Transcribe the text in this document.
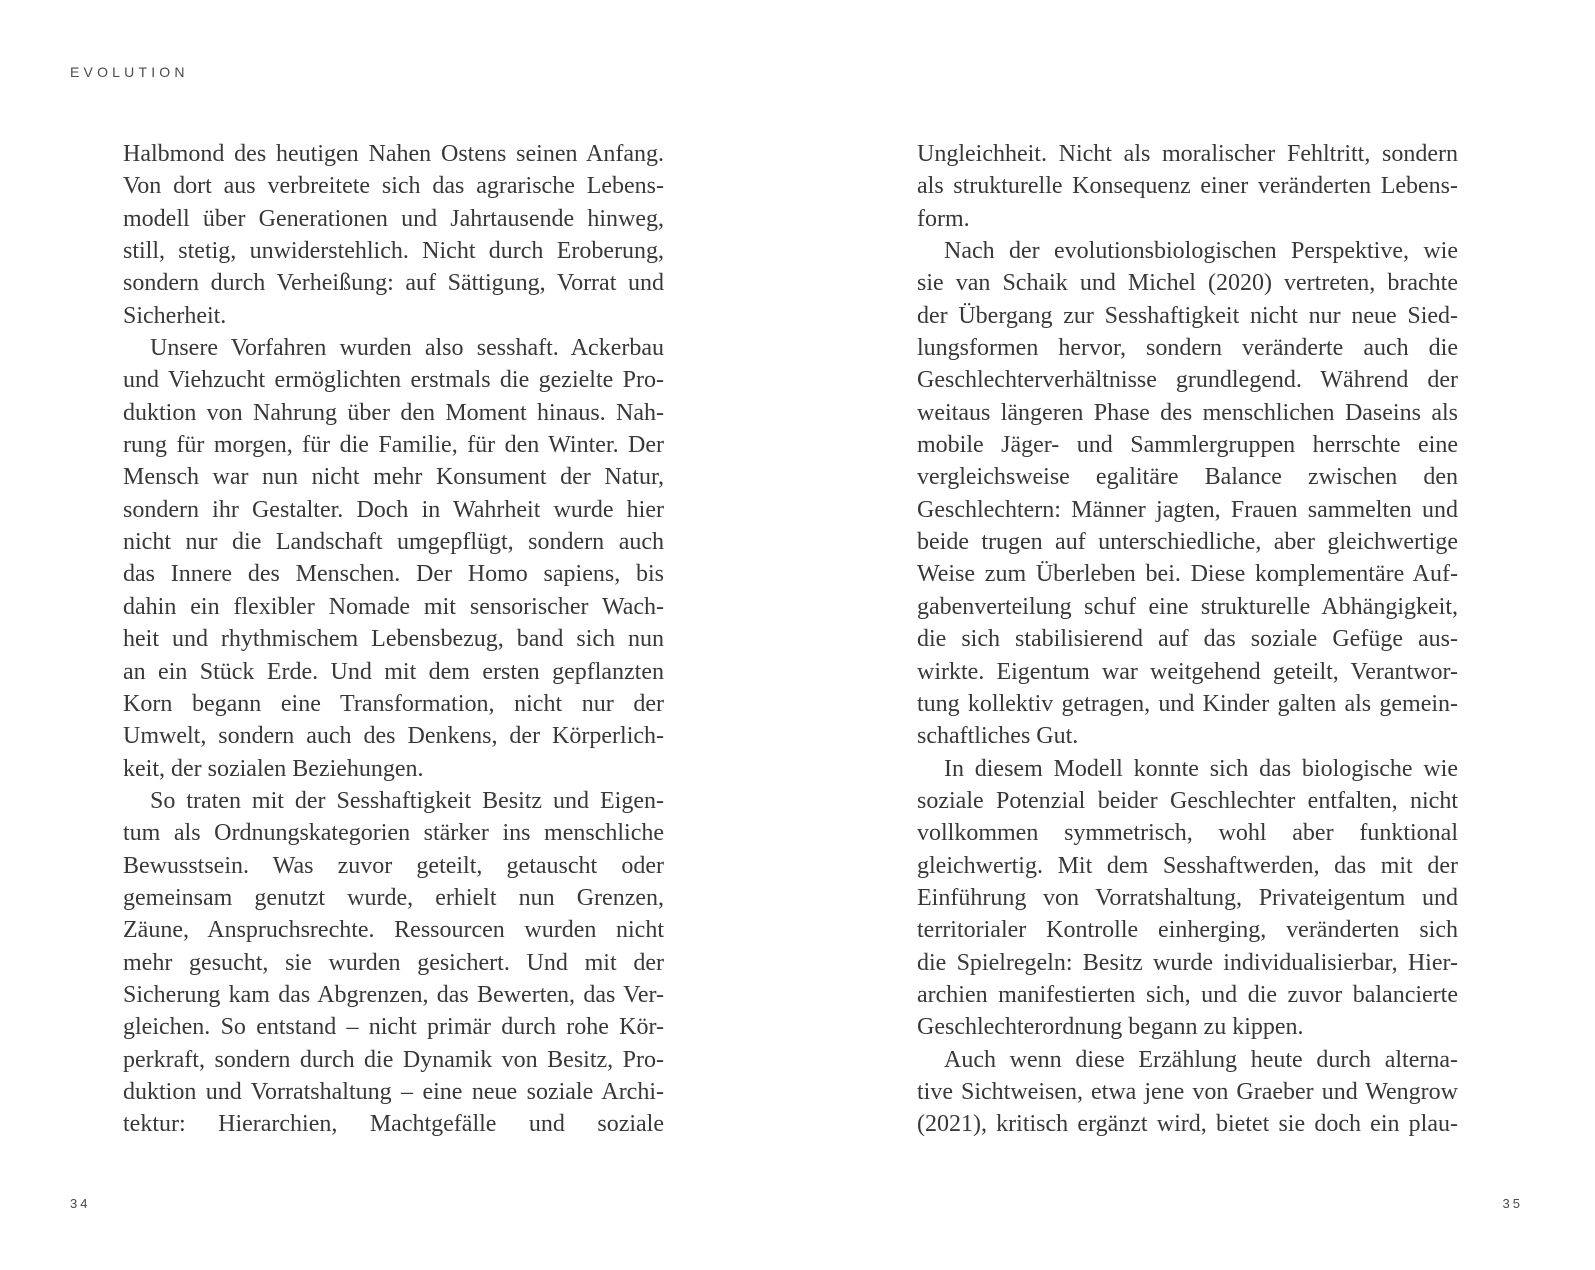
EVOLUTION
Halbmond des heutigen Nahen Ostens seinen Anfang.
Von dort aus verbreitete sich das agrarische Lebens-
modell über Generationen und Jahrtausende hinweg,
still, stetig, unwiderstehlich. Nicht durch Eroberung,
sondern durch Verheißung: auf Sättigung, Vorrat und
Sicherheit.
Unsere Vorfahren wurden also sesshaft. Ackerbau
und Viehzucht ermöglichten erstmals die gezielte Pro-
duktion von Nahrung über den Moment hinaus. Nah-
rung für morgen, für die Familie, für den Winter. Der
Mensch war nun nicht mehr Konsument der Natur,
sondern ihr Gestalter. Doch in Wahrheit wurde hier
nicht nur die Landschaft umgepflügt, sondern auch
das Innere des Menschen. Der Homo sapiens, bis
dahin ein flexibler Nomade mit sensorischer Wach-
heit und rhythmischem Lebensbezug, band sich nun
an ein Stück Erde. Und mit dem ersten gepflanzten
Korn begann eine Transformation, nicht nur der
Umwelt, sondern auch des Denkens, der Körperlich-
keit, der sozialen Beziehungen.
So traten mit der Sesshaftigkeit Besitz und Eigen-
tum als Ordnungskategorien stärker ins menschliche
Bewusstsein. Was zuvor geteilt, getauscht oder
gemeinsam genutzt wurde, erhielt nun Grenzen,
Zäune, Anspruchsrechte. Ressourcen wurden nicht
mehr gesucht, sie wurden gesichert. Und mit der
Sicherung kam das Abgrenzen, das Bewerten, das Ver-
gleichen. So entstand – nicht primär durch rohe Kör-
perkraft, sondern durch die Dynamik von Besitz, Pro-
duktion und Vorratshaltung – eine neue soziale Archi-
tektur: Hierarchien, Machtgefälle und soziale
Ungleichheit. Nicht als moralischer Fehltritt, sondern
als strukturelle Konsequenz einer veränderten Lebens-
form.
Nach der evolutionsbiologischen Perspektive, wie
sie van Schaik und Michel (2020) vertreten, brachte
der Übergang zur Sesshaftigkeit nicht nur neue Sied-
lungsformen hervor, sondern veränderte auch die
Geschlechterverhältnisse grundlegend. Während der
weitaus längeren Phase des menschlichen Daseins als
mobile Jäger- und Sammlergruppen herrschte eine
vergleichsweise egalitäre Balance zwischen den
Geschlechtern: Männer jagten, Frauen sammelten und
beide trugen auf unterschiedliche, aber gleichwertige
Weise zum Überleben bei. Diese komplementäre Auf-
gabenverteilung schuf eine strukturelle Abhängigkeit,
die sich stabilisierend auf das soziale Gefüge aus-
wirkte. Eigentum war weitgehend geteilt, Verantwor-
tung kollektiv getragen, und Kinder galten als gemein-
schaftliches Gut.
In diesem Modell konnte sich das biologische wie
soziale Potenzial beider Geschlechter entfalten, nicht
vollkommen symmetrisch, wohl aber funktional
gleichwertig. Mit dem Sesshaftwerden, das mit der
Einführung von Vorratshaltung, Privateigentum und
territorialer Kontrolle einherging, veränderten sich
die Spielregeln: Besitz wurde individualisierbar, Hier-
archien manifestierten sich, und die zuvor balancierte
Geschlechterordnung begann zu kippen.
Auch wenn diese Erzählung heute durch alterna-
tive Sichtweisen, etwa jene von Graeber und Wengrow
(2021), kritisch ergänzt wird, bietet sie doch ein plau-
34	35
